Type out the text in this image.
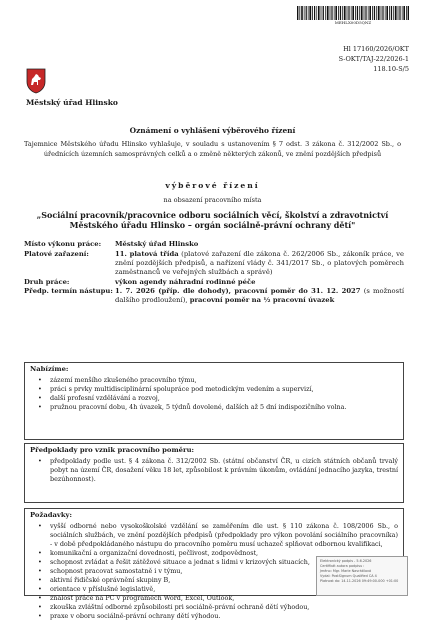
MEHLX00D5QNZ
Hl 17160/2026/OKT
S-OKT/TAJ-22/2026-1
118.10-S/5
Městský úřad Hlinsko
Oznámení o vyhlášení výběrového řízení
Tajemnice Městského úřadu Hlinsko vyhlašuje, v souladu s ustanovením § 7 odst. 3 zákona č. 312/2002 Sb., o úřednících územních samosprávných celků a o změně některých zákonů, ve znění pozdějších předpisů
výběrové řízení
na obsazení pracovního místa
„Sociální pracovník/pracovnice odboru sociálních věcí, školství a zdravotnictví
Městského úřadu Hlinsko – orgán sociálně-právní ochrany dětí"
Místo výkonu práce:	Městský úřad Hlinsko
Platové zařazení:	11. platová třída (platové zařazení dle zákona č. 262/2006 Sb., zákoník práce, ve znění pozdějších předpisů, a nařízení vlády č. 341/2017 Sb., o platových poměrech zaměstnanců ve veřejných službách a správě)
Druh práce:	výkon agendy náhradní rodinné péče
Předp. termín nástupu: 1. 7. 2026 (příp. dle dohody), pracovní poměr do 31. 12. 2027 (s možností dalšího prodloužení), pracovní poměr na ½ pracovní úvazek
Nabízíme:
• zázemí menšího zkušeného pracovního týmu,
• práci s prvky multidisciplinární spolupráce pod metodickým vedením a supervizí,
• další profesní vzdělávání a rozvoj,
• pružnou pracovní dobu, 4h úvazek, 5 týdnů dovolené, dalších až 5 dní indispozičního volna.
Předpoklady pro vznik pracovního poměru:
• předpoklady podle ust. § 4 zákona č. 312/2002 Sb. (státní občanství ČR, u cizích státních občanů trvalý pobyt na území ČR, dosažení věku 18 let, způsobilost k právním úkonům, ovládání jednacího jazyka, trestní bezúhonnost).
Požadavky:
• vyšší odborné nebo vysokoškolské vzdělání se zaměřením dle ust. § 110 zákona č. 108/2006 Sb., o sociálních službách, ve znění pozdějších předpisů (předpoklady pro výkon povolání sociálního pracovníka) - v době předpokládaného nástupu do pracovního poměru musí uchazeč splňovat odbornou kvalifikaci,
• komunikační a organizační dovednosti, pečlivost, zodpovědnost,
• schopnost zvládat a řešit zátěžové situace a jednat s lidmi v krizových situacích,
• schopnost pracovat samostatně i v týmu,
• aktivní řidičské oprávnění skupiny B,
• orientace v příslušné legislativě,
• znalost práce na PC v programech Word, Excel, Outlook,
• zkouška zvláštní odborné způsobilosti pri sociálně-právní ochraně dětí výhodou,
• praxe v oboru sociálně-právní ochrany dětí výhodou.
Elektronický podpis - 5.6.2026
Certifikát autora podpisu :
Jméno: Mgr. Marie Navrátilová
Vydal: PostSignum Qualified CA 4
Platnost do: 14.11.2026 09:49:00-000 +01:00
